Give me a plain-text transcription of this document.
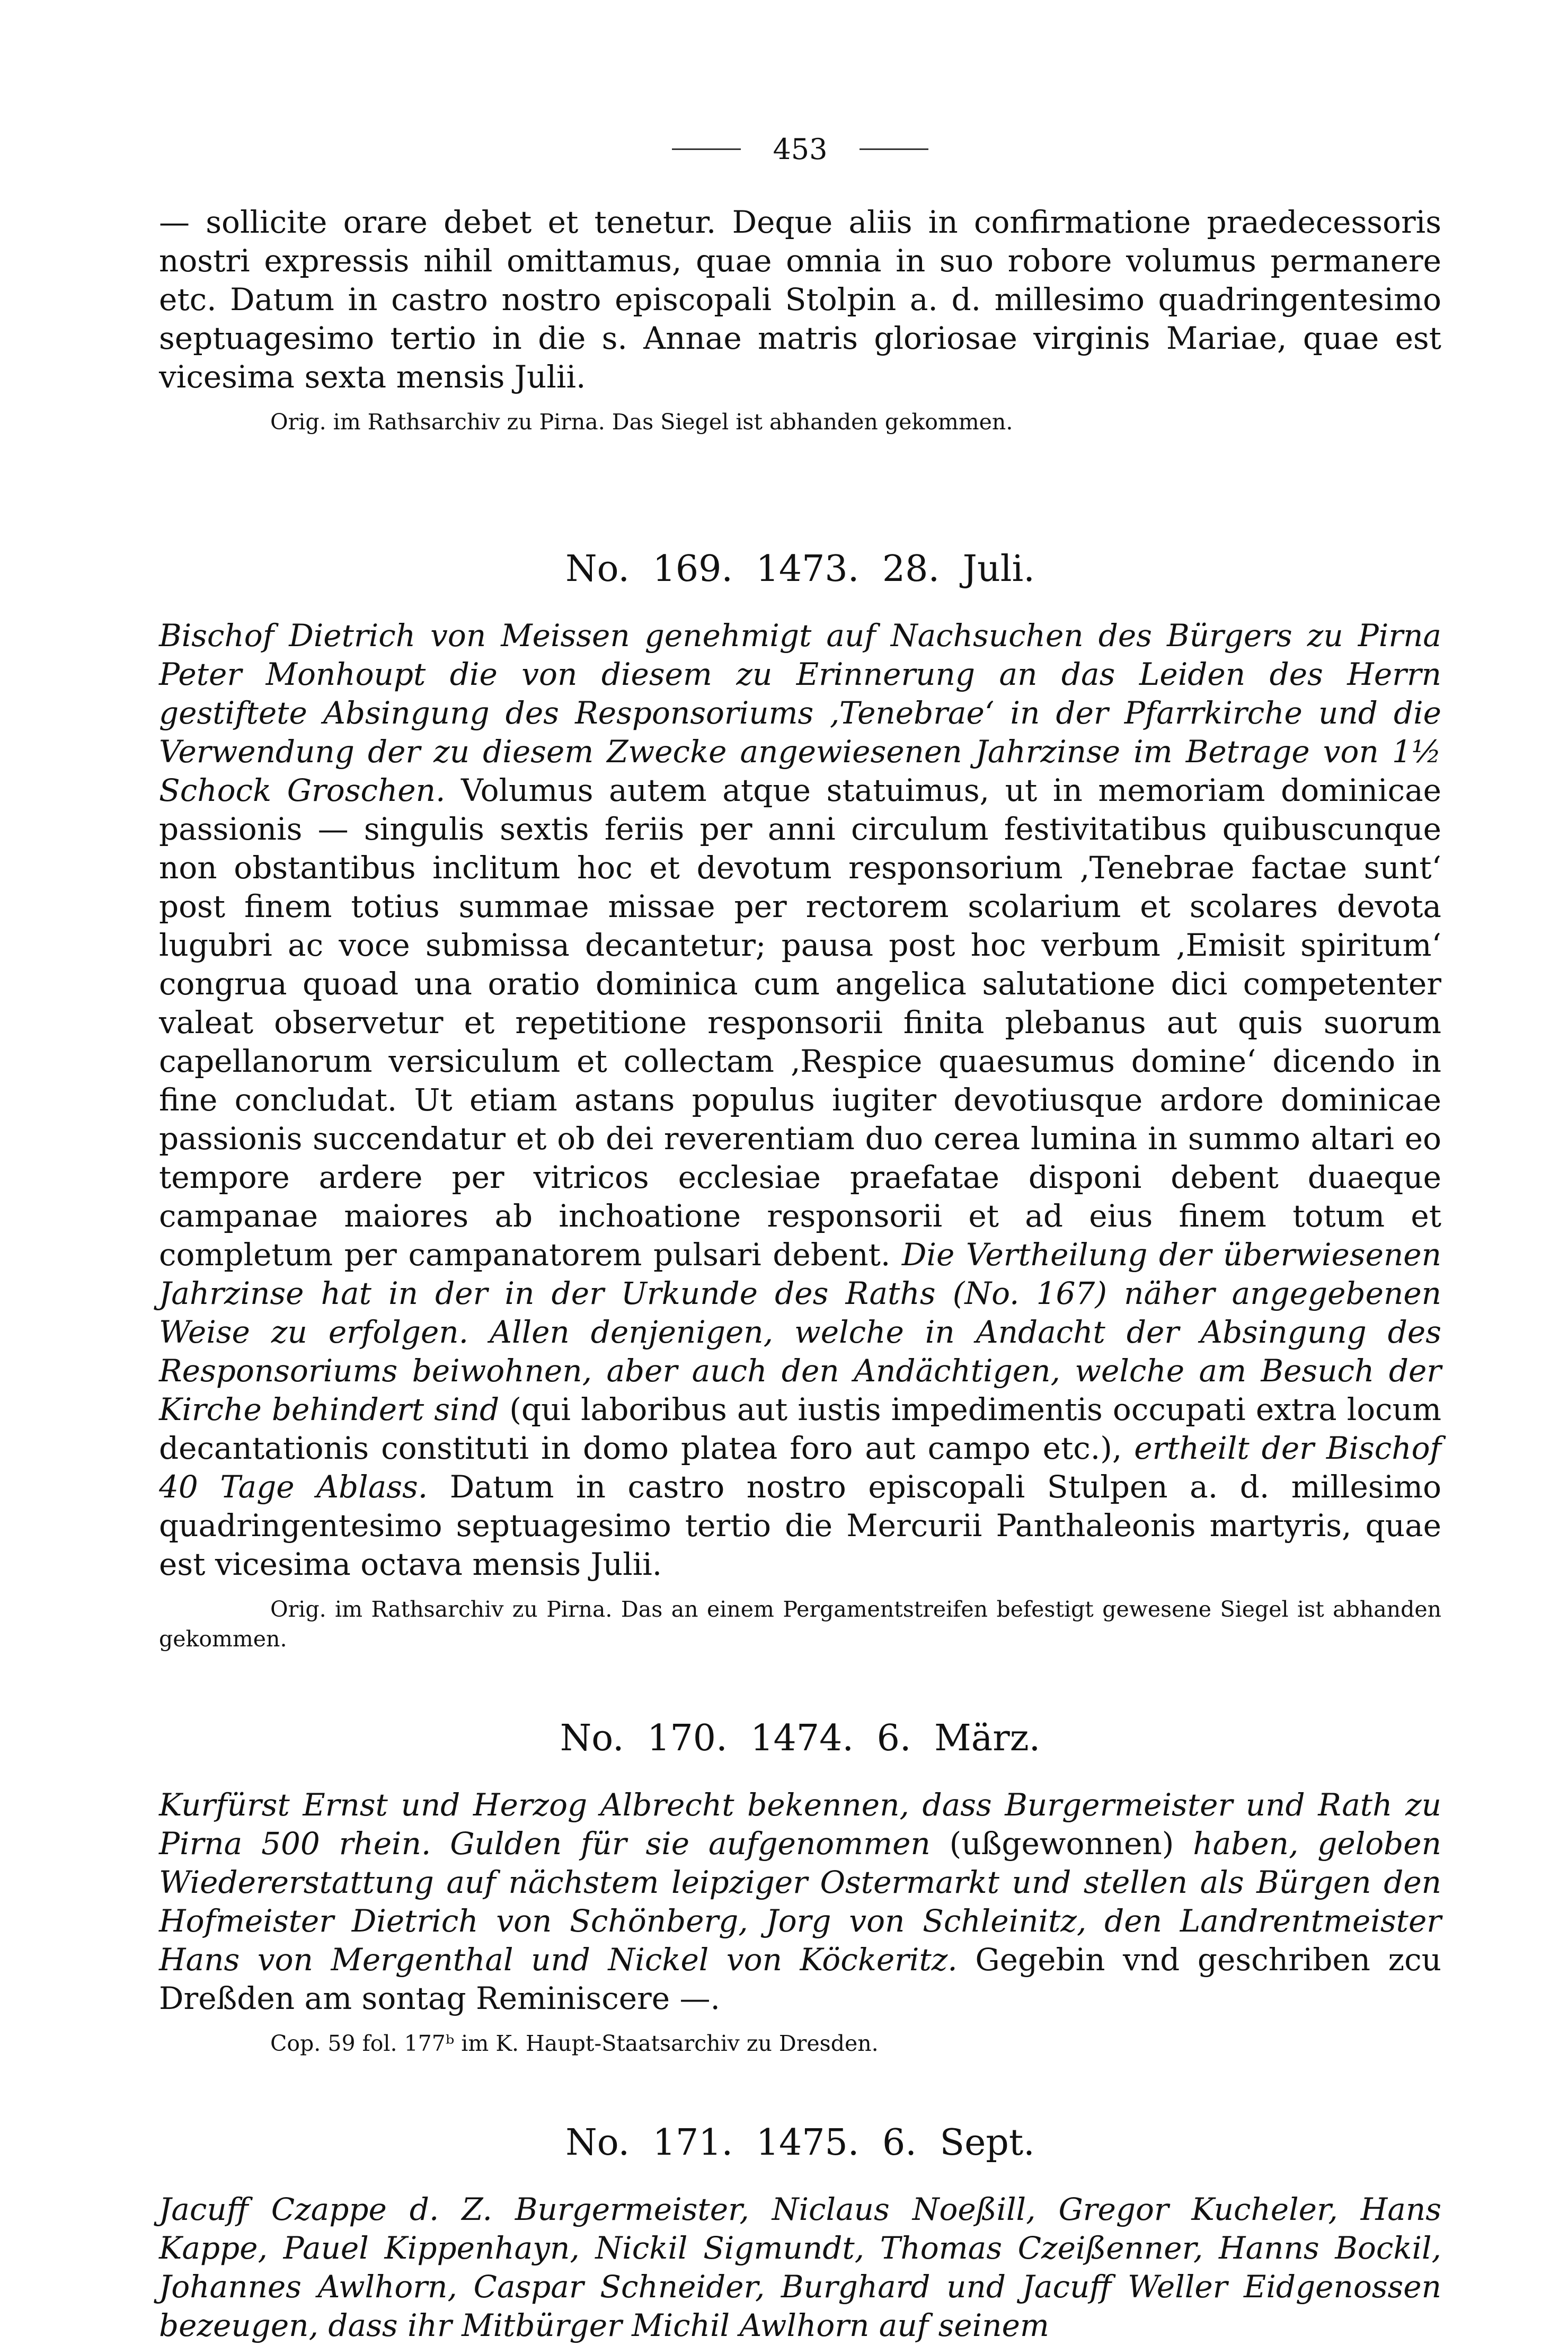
453

— sollicite orare debet et tenetur. Deque aliis in confirmatione praedecessoris nostri expressis nihil omittamus, quae omnia in suo robore volumus permanere etc. Datum in castro nostro episcopali Stolpin a. d. millesimo quadringentesimo septuagesimo tertio in die s. Annae matris gloriosae virginis Mariae, quae est vicesima sexta mensis Julii.

Orig. im Rathsarchiv zu Pirna. Das Siegel ist abhanden gekommen.

No. 169. 1473. 28. Juli.

Bischof Dietrich von Meissen genehmigt auf Nachsuchen des Bürgers zu Pirna Peter Monhoupt die von diesem zu Erinnerung an das Leiden des Herrn gestiftete Absingung des Responsoriums ‚Tenebrae‘ in der Pfarrkirche und die Verwendung der zu diesem Zwecke angewiesenen Jahrzinse im Betrage von 1½ Schock Groschen. Volumus autem atque statuimus, ut in memoriam dominicae passionis — singulis sextis feriis per anni circulum festivitatibus quibuscunque non obstantibus inclitum hoc et devotum responsorium ‚Tenebrae factae sunt‘ post finem totius summae missae per rectorem scolarium et scolares devota lugubri ac voce submissa decantetur; pausa post hoc verbum ‚Emisit spiritum‘ congrua quoad una oratio dominica cum angelica salutatione dici competenter valeat observetur et repetitione responsorii finita plebanus aut quis suorum capellanorum versiculum et collectam ‚Respice quaesumus domine‘ dicendo in fine concludat. Ut etiam astans populus iugiter devotiusque ardore dominicae passionis succendatur et ob dei reverentiam duo cerea lumina in summo altari eo tempore ardere per vitricos ecclesiae praefatae disponi debent duaeque campanae maiores ab inchoatione responsorii et ad eius finem totum et completum per campanatorem pulsari debent. Die Vertheilung der überwiesenen Jahrzinse hat in der in der Urkunde des Raths (No. 167) näher angegebenen Weise zu erfolgen. Allen denjenigen, welche in Andacht der Absingung des Responsoriums beiwohnen, aber auch den Andächtigen, welche am Besuch der Kirche behindert sind (qui laboribus aut iustis impedimentis occupati extra locum decantationis constituti in domo platea foro aut campo etc.), ertheilt der Bischof 40 Tage Ablass. Datum in castro nostro episcopali Stulpen a. d. millesimo quadringentesimo septuagesimo tertio die Mercurii Panthaleonis martyris, quae est vicesima octava mensis Julii.

Orig. im Rathsarchiv zu Pirna. Das an einem Pergamentstreifen befestigt gewesene Siegel ist abhanden gekommen.

No. 170. 1474. 6. März.

Kurfürst Ernst und Herzog Albrecht bekennen, dass Burgermeister und Rath zu Pirna 500 rhein. Gulden für sie aufgenommen (ußgewonnen) haben, geloben Wiedererstattung auf nächstem leipziger Ostermarkt und stellen als Bürgen den Hofmeister Dietrich von Schönberg, Jorg von Schleinitz, den Landrentmeister Hans von Mergenthal und Nickel von Köckeritz. Gegebin vnd geschriben zcu Dreßden am sontag Reminiscere —.

Cop. 59 fol. 177ᵇ im K. Haupt-Staatsarchiv zu Dresden.

No. 171. 1475. 6. Sept.

Jacuff Czappe d. Z. Burgermeister, Niclaus Noeßill, Gregor Kucheler, Hans Kappe, Pauel Kippenhayn, Nickil Sigmundt, Thomas Czeißenner, Hanns Bockil, Johannes Awlhorn, Caspar Schneider, Burghard und Jacuff Weller Eidgenossen bezeugen, dass ihr Mitbürger Michil Awlhorn auf seinem
